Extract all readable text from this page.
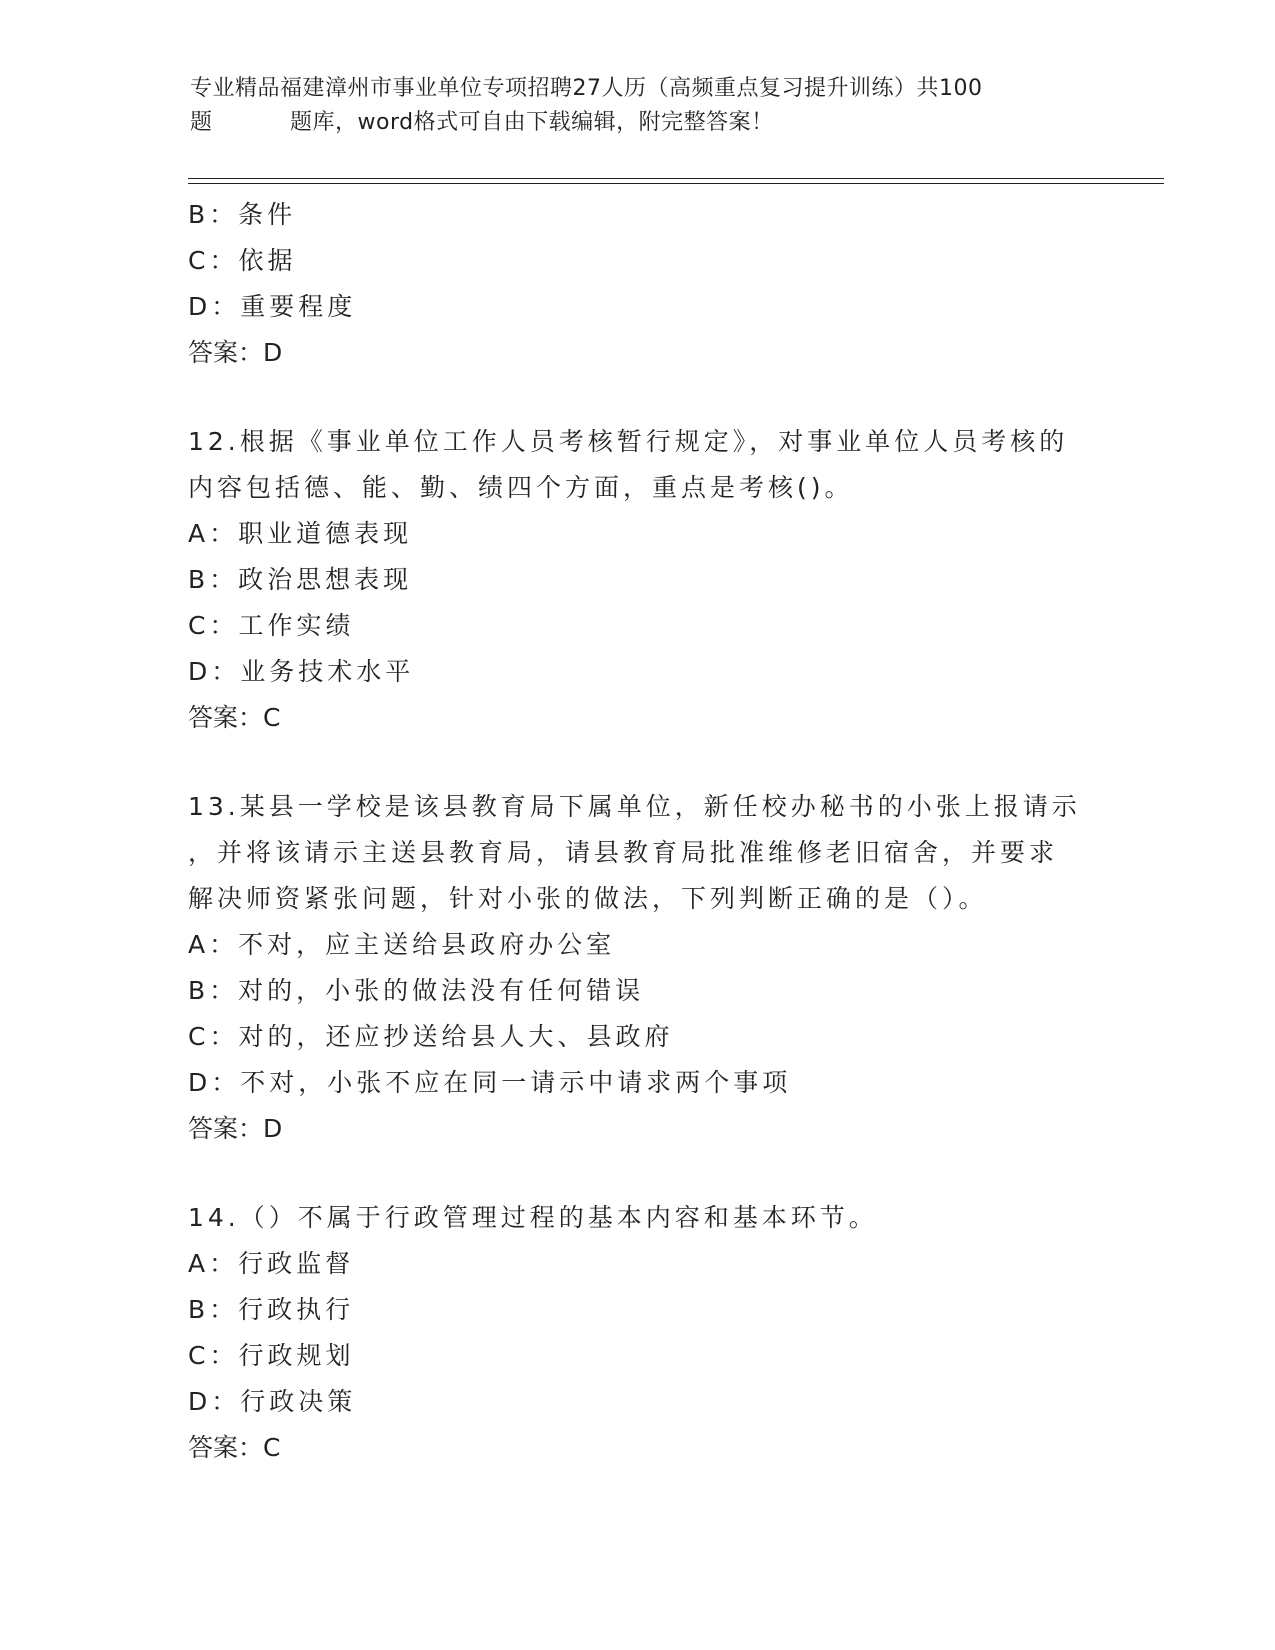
专业精品福建漳州市事业单位专项招聘27人历（高频重点复习提升训练）共100
题	题库，word格式可自由下载编辑，附完整答案！
B：条件
C：依据
D：重要程度
答案：D
12.根据《事业单位工作人员考核暂行规定》，对事业单位人员考核的
内容包括德、能、勤、绩四个方面，重点是考核()。
A：职业道德表现
B：政治思想表现
C：工作实绩
D：业务技术水平
答案：C
13.某县一学校是该县教育局下属单位，新任校办秘书的小张上报请示
，并将该请示主送县教育局，请县教育局批准维修老旧宿舍，并要求
解决师资紧张问题，针对小张的做法，下列判断正确的是（）。
A：不对，应主送给县政府办公室
B：对的，小张的做法没有任何错误
C：对的，还应抄送给县人大、县政府
D：不对，小张不应在同一请示中请求两个事项
答案：D
14.（）不属于行政管理过程的基本内容和基本环节。
A：行政监督
B：行政执行
C：行政规划
D：行政决策
答案：C
